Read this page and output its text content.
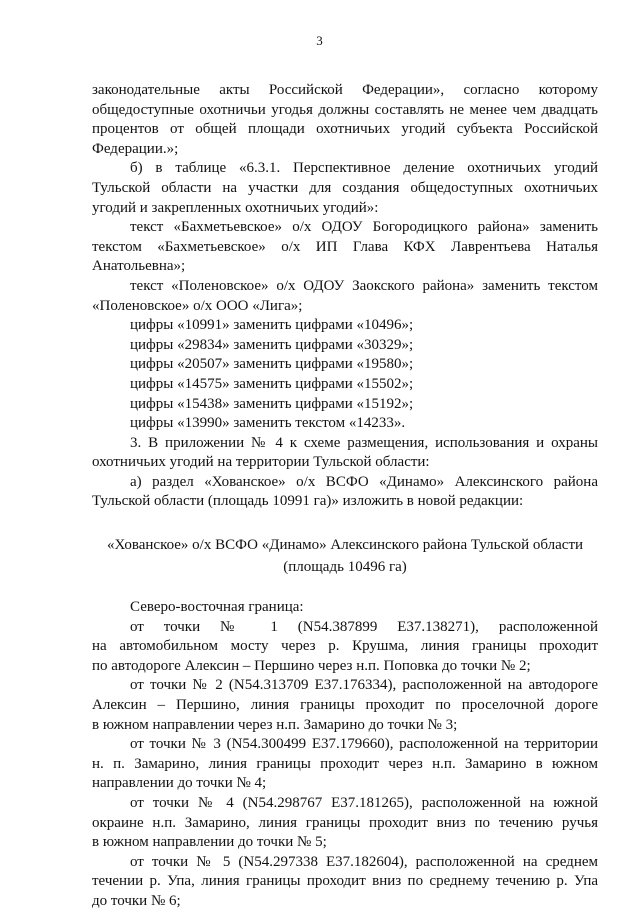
3
законодательные акты Российской Федерации», согласно которому
общедоступные охотничьи угодья должны составлять не менее чем двадцать
процентов от общей площади охотничьих угодий субъекта Российской
Федерации.»;
б) в таблице «6.3.1. Перспективное деление охотничьих угодий
Тульской области на участки для создания общедоступных охотничьих
угодий и закрепленных охотничьих угодий»:
текст «Бахметьевское» о/х ОДОУ Богородицкого района» заменить
текстом «Бахметьевское» о/х ИП Глава КФХ Лаврентьева Наталья
Анатольевна»;
текст «Поленовское» о/х ОДОУ Заокского района» заменить текстом
«Поленовское» о/х ООО «Лига»;
цифры «10991» заменить цифрами «10496»;
цифры «29834» заменить цифрами «30329»;
цифры «20507» заменить цифрами «19580»;
цифры «14575» заменить цифрами «15502»;
цифры «15438» заменить цифрами «15192»;
цифры «13990» заменить текстом «14233».
3. В приложении № 4 к схеме размещения, использования и охраны
охотничьих угодий на территории Тульской области:
а) раздел «Хованское» о/х ВСФО «Динамо» Алексинского района
Тульской области (площадь 10991 га)» изложить в новой редакции:
«Хованское» о/х ВСФО «Динамо» Алексинского района Тульской области
(площадь 10496 га)
Северо-восточная граница:
от точки № 1 (N54.387899 E37.138271), расположенной
на автомобильном мосту через р. Крушма, линия границы проходит
по автодороге Алексин – Першино через н.п. Поповка до точки № 2;
от точки № 2 (N54.313709 E37.176334), расположенной на автодороге
Алексин – Першино, линия границы проходит по проселочной дороге
в южном направлении через н.п. Замарино до точки № 3;
от точки № 3 (N54.300499 E37.179660), расположенной на территории
н. п. Замарино, линия границы проходит через н.п. Замарино в южном
направлении до точки № 4;
от точки № 4 (N54.298767 E37.181265), расположенной на южной
окраине н.п. Замарино, линия границы проходит вниз по течению ручья
в южном направлении до точки № 5;
от точки № 5 (N54.297338 E37.182604), расположенной на среднем
течении р. Упа, линия границы проходит вниз по среднему течению р. Упа
до точки № 6;
